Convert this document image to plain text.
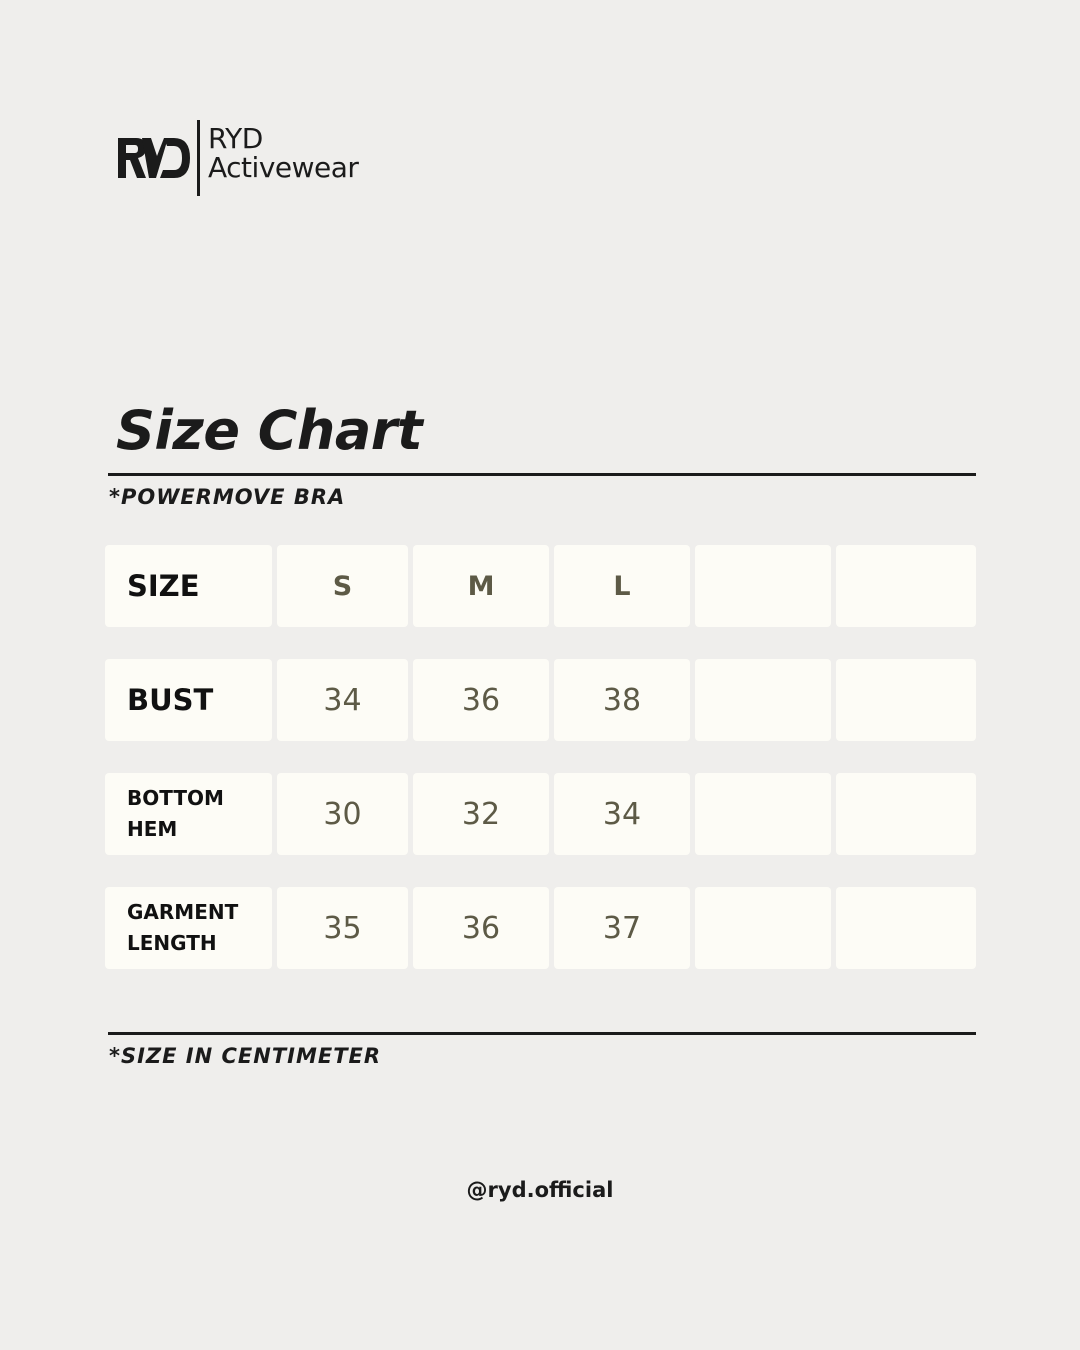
RYD
Activewear
Size Chart
*POWERMOVE BRA
SIZE	S	M	L
BUST	34	36	38
BOTTOM
HEM	30	32	34
GARMENT
LENGTH	35	36	37
*SIZE IN CENTIMETER
@ryd.official
